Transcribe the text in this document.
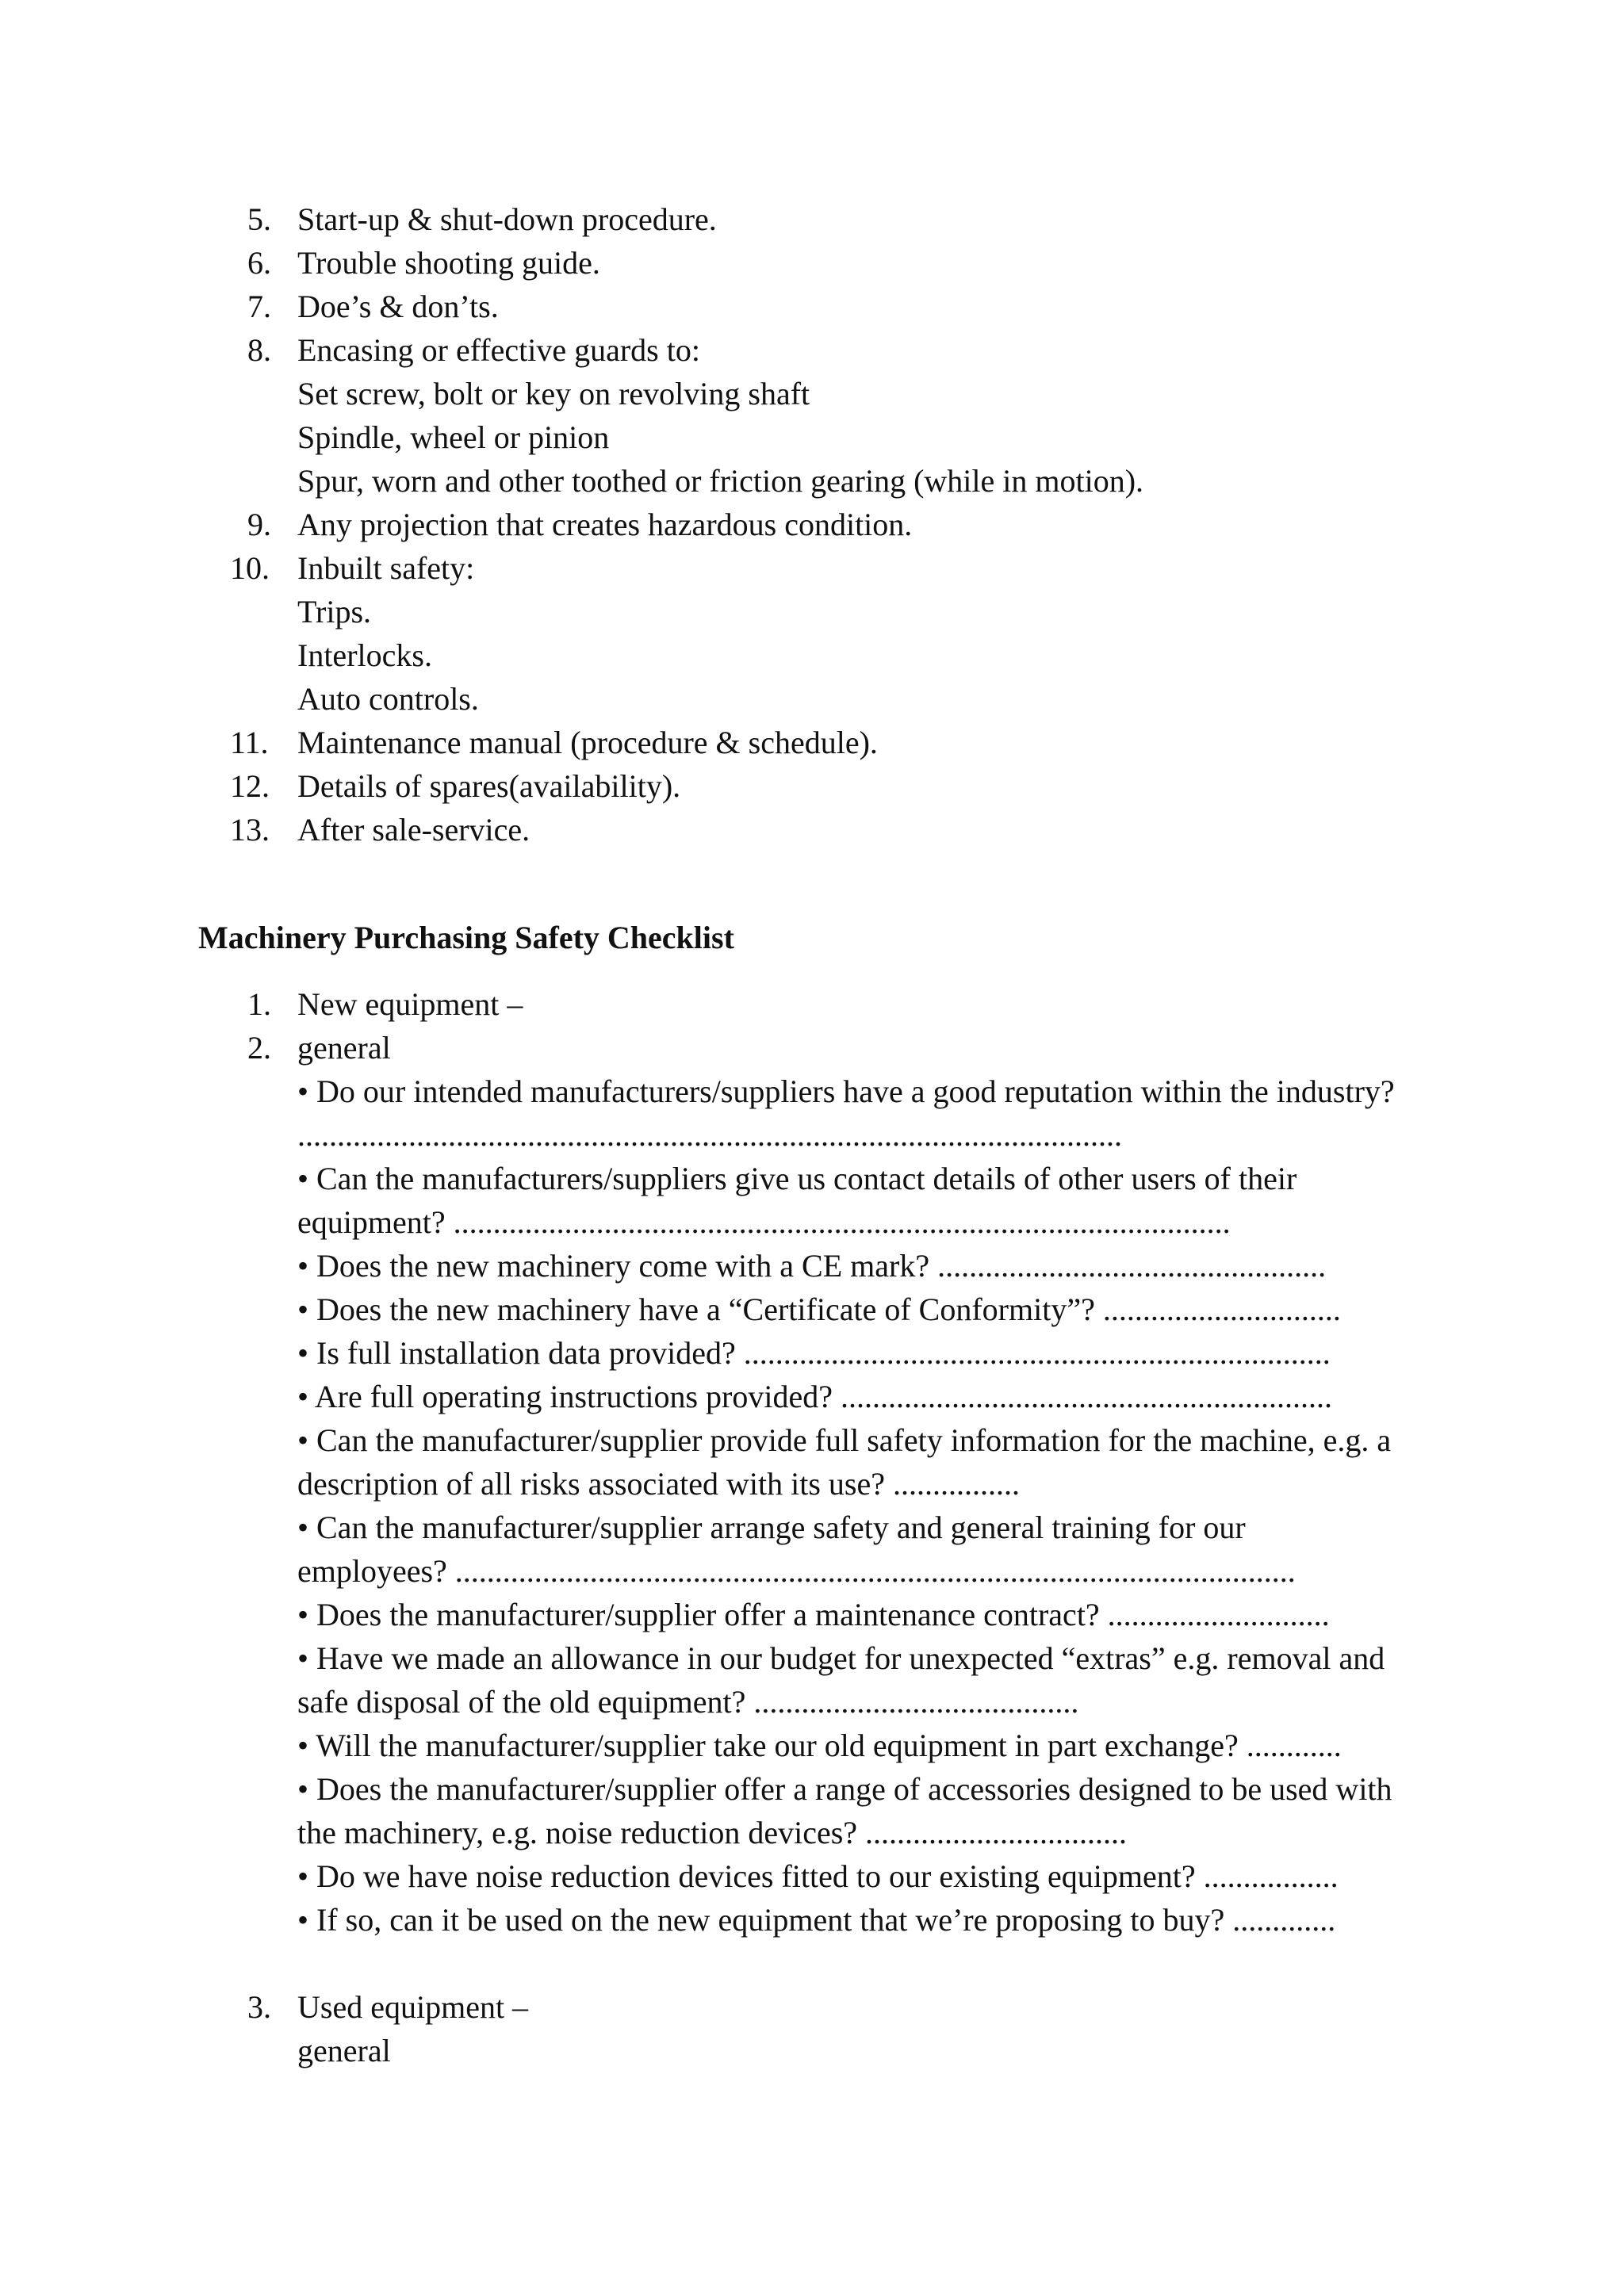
5. Start-up & shut-down procedure.
6. Trouble shooting guide.
7. Doe’s & don’ts.
8. Encasing or effective guards to:
Set screw, bolt or key on revolving shaft
Spindle, wheel or pinion
Spur, worn and other toothed or friction gearing (while in motion).
9. Any projection that creates hazardous condition.
10. Inbuilt safety:
Trips.
Interlocks.
Auto controls.
11. Maintenance manual (procedure & schedule).
12. Details of spares(availability).
13. After sale-service.
Machinery Purchasing Safety Checklist
1. New equipment –
2. general
• Do our intended manufacturers/suppliers have a good reputation within the industry?
........................................................................................................
• Can the manufacturers/suppliers give us contact details of other users of their
equipment? ..................................................................................................
• Does the new machinery come with a CE mark? .................................................
• Does the new machinery have a “Certificate of Conformity”? ..............................
• Is full installation data provided? ..........................................................................
• Are full operating instructions provided? ..............................................................
• Can the manufacturer/supplier provide full safety information for the machine, e.g. a
description of all risks associated with its use? ................
• Can the manufacturer/supplier arrange safety and general training for our
employees? ..........................................................................................................
• Does the manufacturer/supplier offer a maintenance contract? ............................
• Have we made an allowance in our budget for unexpected “extras” e.g. removal and
safe disposal of the old equipment? .........................................
• Will the manufacturer/supplier take our old equipment in part exchange? ............
• Does the manufacturer/supplier offer a range of accessories designed to be used with
the machinery, e.g. noise reduction devices? .................................
• Do we have noise reduction devices fitted to our existing equipment? .................
• If so, can it be used on the new equipment that we’re proposing to buy? .............
3. Used equipment –
general
